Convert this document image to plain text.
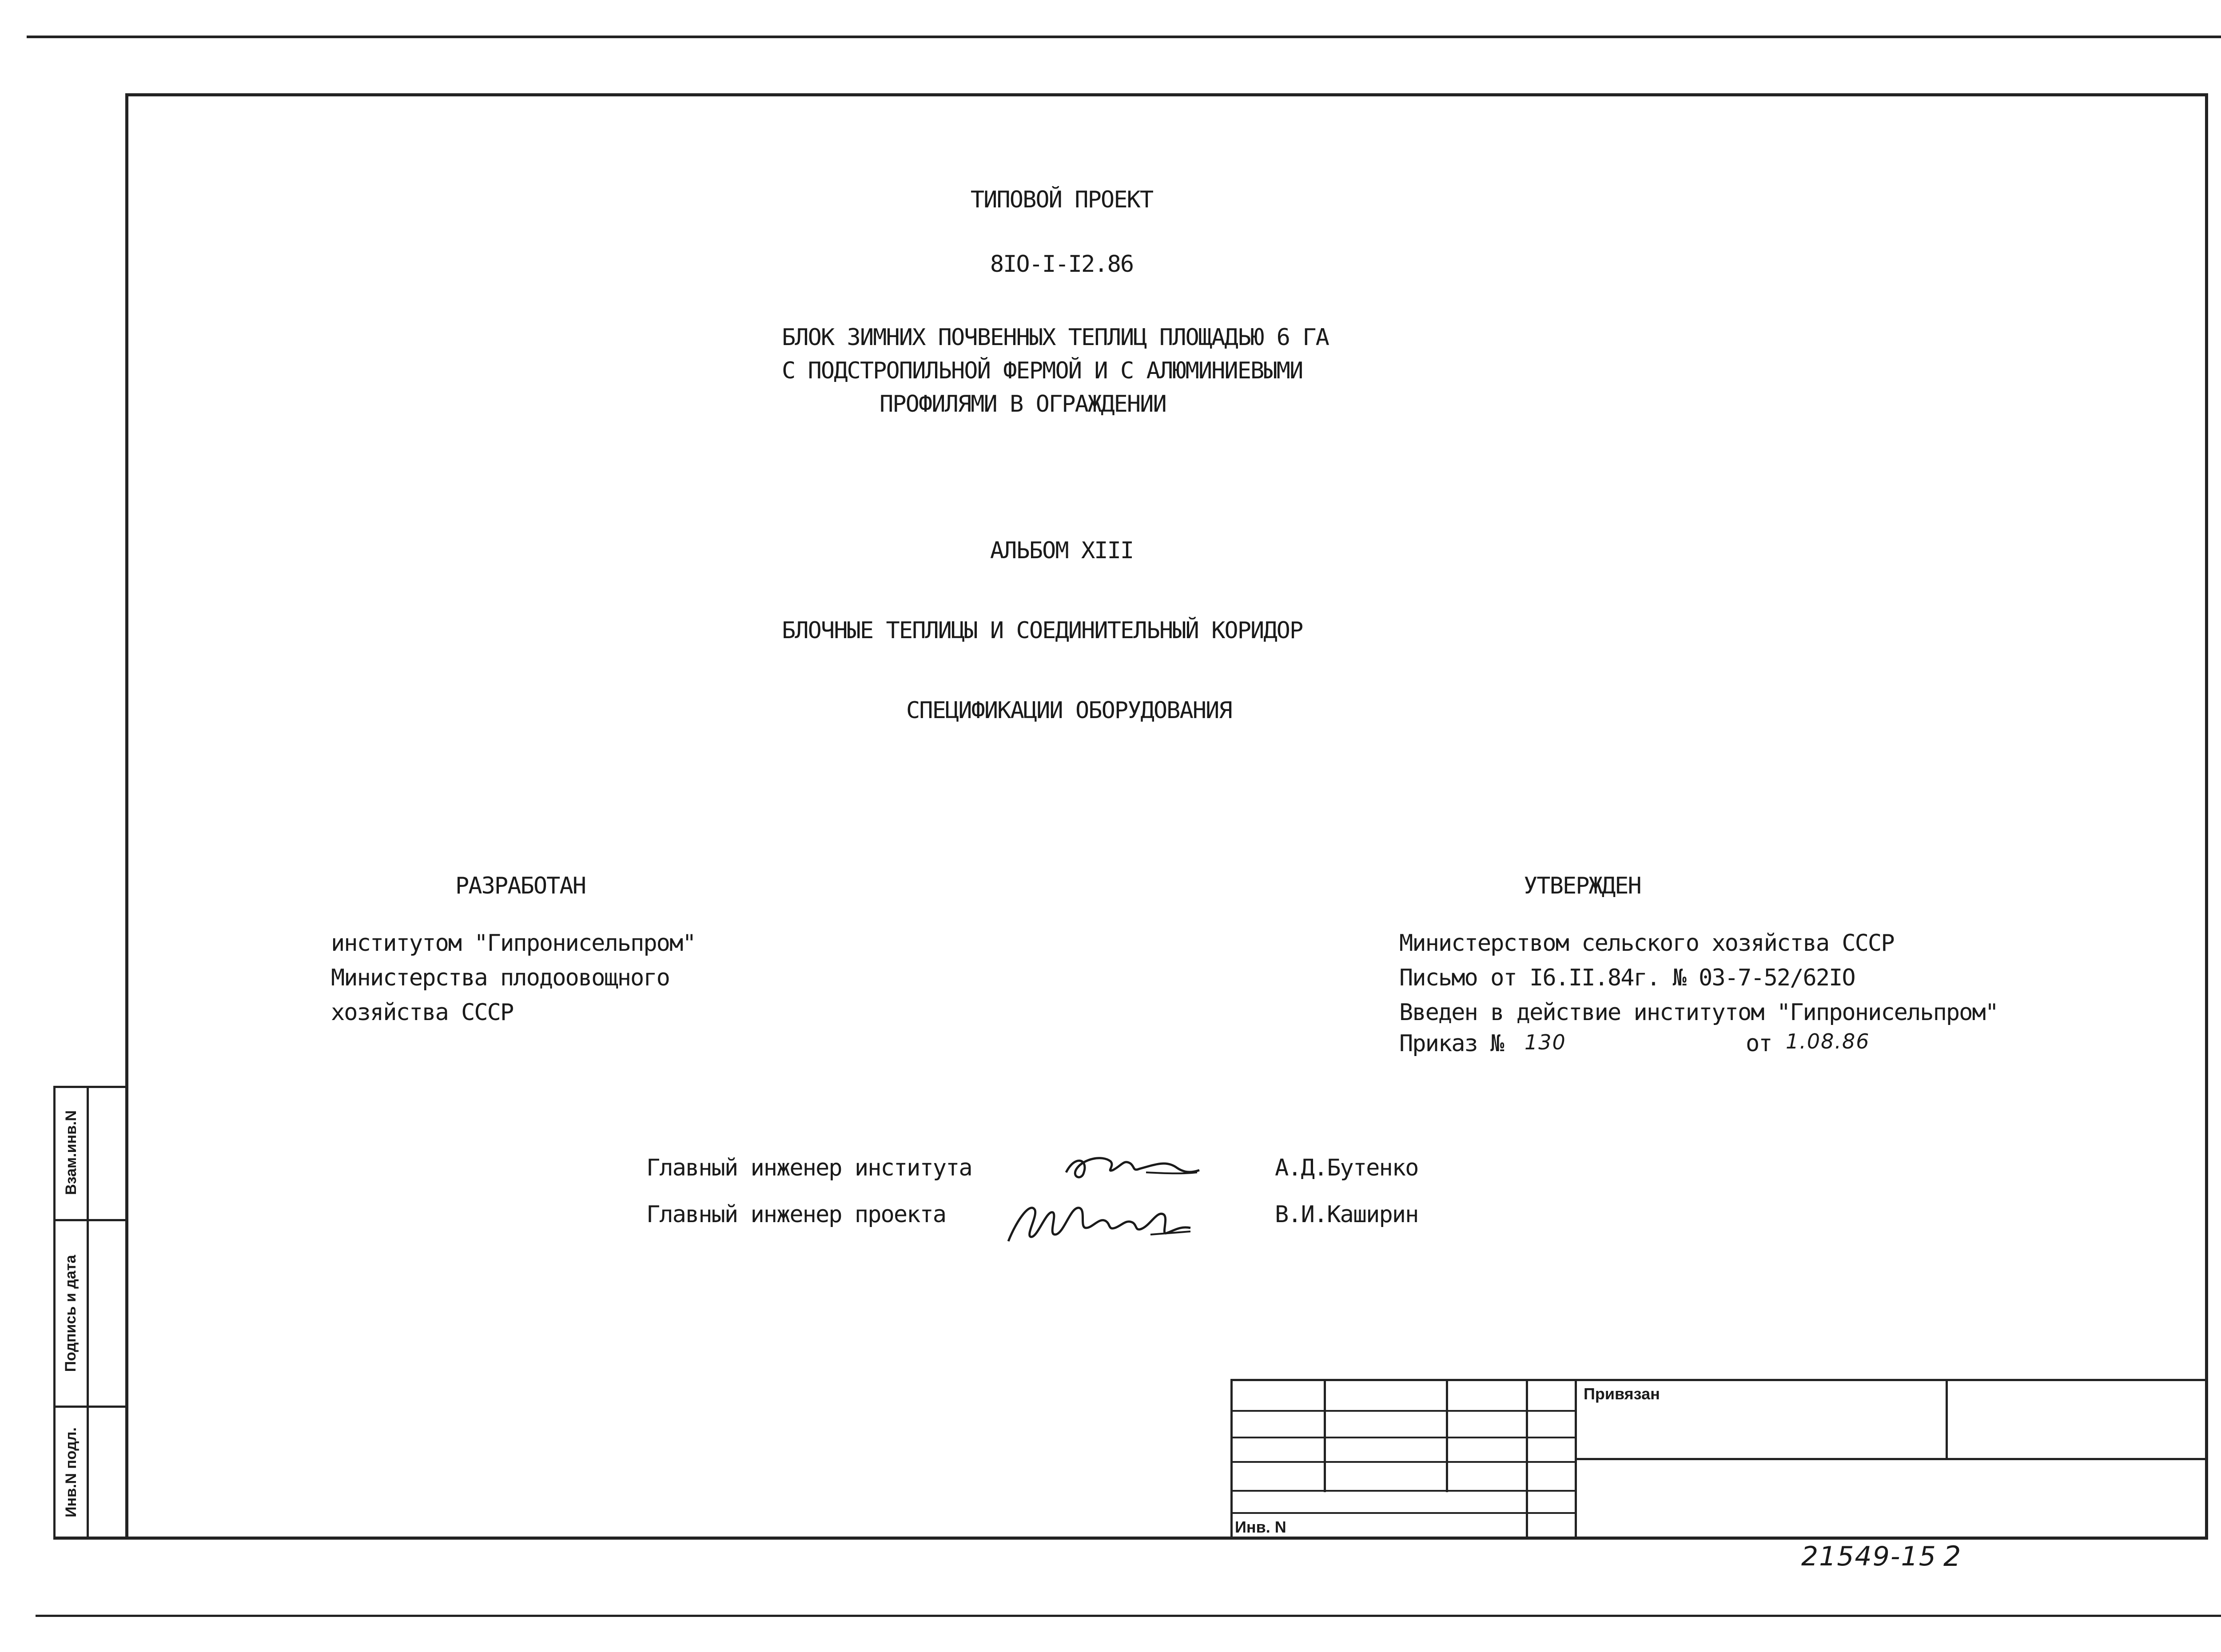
ТИПОВОЙ ПРОЕКТ
8IO-I-I2.86
БЛОК ЗИМНИХ ПОЧВЕННЫХ ТЕПЛИЦ ПЛОЩАДЬЮ 6 ГА
С ПОДСТРОПИЛЬНОЙ ФЕРМОЙ И С АЛЮМИНИЕВЫМИ
ПРОФИЛЯМИ В ОГРАЖДЕНИИ
АЛЬБОМ XIII
БЛОЧНЫЕ ТЕПЛИЦЫ И СОЕДИНИТЕЛЬНЫЙ КОРИДОР
СПЕЦИФИКАЦИИ ОБОРУДОВАНИЯ
РАЗРАБОТАН
институтом "Гипронисельпром"
Министерства плодоовощного
хозяйства СССР
УТВЕРЖДЕН
Министерством сельского хозяйства СССР
Письмо от I6.II.84г. № 03-7-52/62IO
Введен в действие институтом "Гипронисельпром"
Приказ № 130	от 1.08.86
Главный инженер института
Главный инженер проекта
А.Д.Бутенко
В.И.Каширин
Взам.инв.N
Подпись и дата
Инв.N подл.
Привязан
Инв. N
21549-15 2
